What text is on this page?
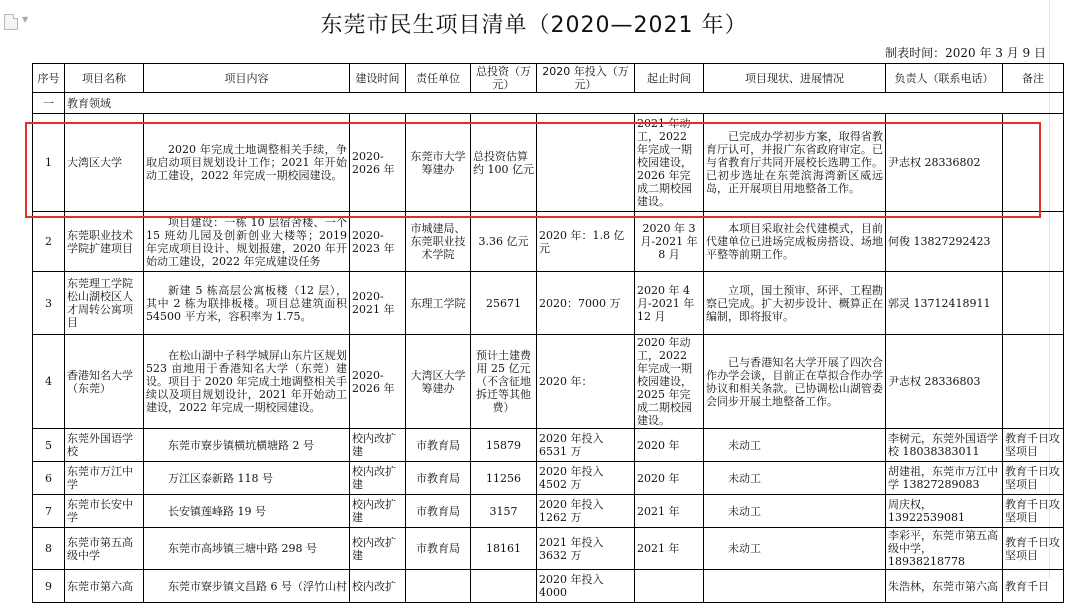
▼	东莞市民生项目清单（2020—2021 年）
制表时间：2020 年 3 月 9 日
序号	项目名称	项目内容	建设时间	责任单位	总投资（万元）	2020 年投入（万元）	起止时间	项目现状、进展情况	负责人（联系电话）	备注
一	教育领域									
1	大湾区大学	2020 年完成土地调整相关手续，争取启动项目规划设计工作；2021 年开始动工建设，2022 年完成一期校园建设。	2020-2026 年	东莞市大学筹建办	总投资估算约 100 亿元		2021 年动工，2022 年完成一期校园建设，2026 年完成二期校园建设。	已完成办学初步方案，取得省教育厅认可，并报广东省政府审定。已与省教育厅共同开展校长选聘工作。已初步选址在东莞滨海湾新区威远岛，正开展项目用地整备工作。	尹志权 28336802	
2	东莞职业技术学院扩建项目	项目建设：一栋 10 层宿舍楼、一个 15 班幼儿园及创新创业大楼等；2019 年完成项目设计、规划报建，2020 年开始动工建设，2022 年完成建设任务	2020-2023 年	市城建局、东莞职业技术学院	3.36 亿元	2020 年：1.8 亿元	2020 年 3 月-2021 年 8 月	本项目采取社会代建模式，目前代建单位已进场完成板房搭设、场地平整等前期工作。	何俊 13827292423	
3	东莞理工学院松山湖校区人才周转公寓项目	新建 5 栋高层公寓板楼（12 层），其中 2 栋为联排板楼。项目总建筑面积 54500 平方米，容积率为 1.75。	2020-2021 年	东理工学院	25671	2020：7000 万	2020 年 4 月-2021 年 12 月	立项，国土预审、环评、工程勘察已完成。扩大初步设计、概算正在编制，即将报审。	郭灵 13712418911	
4	香港知名大学（东莞）	在松山湖中子科学城屏山东片区规划 523 亩地用于香港知名大学（东莞）建设。项目于 2020 年完成土地调整相关手续以及项目规划设计，2021 年开始动工建设，2022 年完成一期校园建设。	2020-2026 年	大湾区大学筹建办	预计土建费用 25 亿元（不含征地拆迁等其他费）	2020 年：	2020 年动工，2022 年完成一期校园建设，2025 年完成二期校园建设。	已与香港知名大学开展了四次合作办学会谈，目前正在草拟合作办学协议和相关条款。已协调松山湖管委会同步开展土地整备工作。	尹志权 28336803	
5	东莞外国语学校	东莞市寮步镇横坑横塘路 2 号	校内改扩建	市教育局	15879	2020 年投入 6531 万	2020 年	未动工	李树元，东莞外国语学校 18038383011	教育千日攻坚项目
6	东莞市万江中学	万江区泰新路 118 号	校内改扩建	市教育局	11256	2020 年投入 4502 万	2020 年	未动工	胡建祖，东莞市万江中学 13827289083	教育千日攻坚项目
7	东莞市长安中学	长安镇莲峰路 19 号	校内改扩建	市教育局	3157	2020 年投入 1262 万	2021 年	未动工	周庆权，13922539081	教育千日攻坚项目
8	东莞市第五高级中学	东莞市高埗镇三塘中路 298 号	校内改扩建	市教育局	18161	2021 年投入 3632 万	2021 年	未动工	李彩平，东莞市第五高级中学，18938218778	教育千日攻坚项目
9	东莞市第六高	东莞市寮步镇文昌路 6 号（浮竹山村	校内改扩			2020 年投入 4000			朱浩林，东莞市第六高	教育千日
